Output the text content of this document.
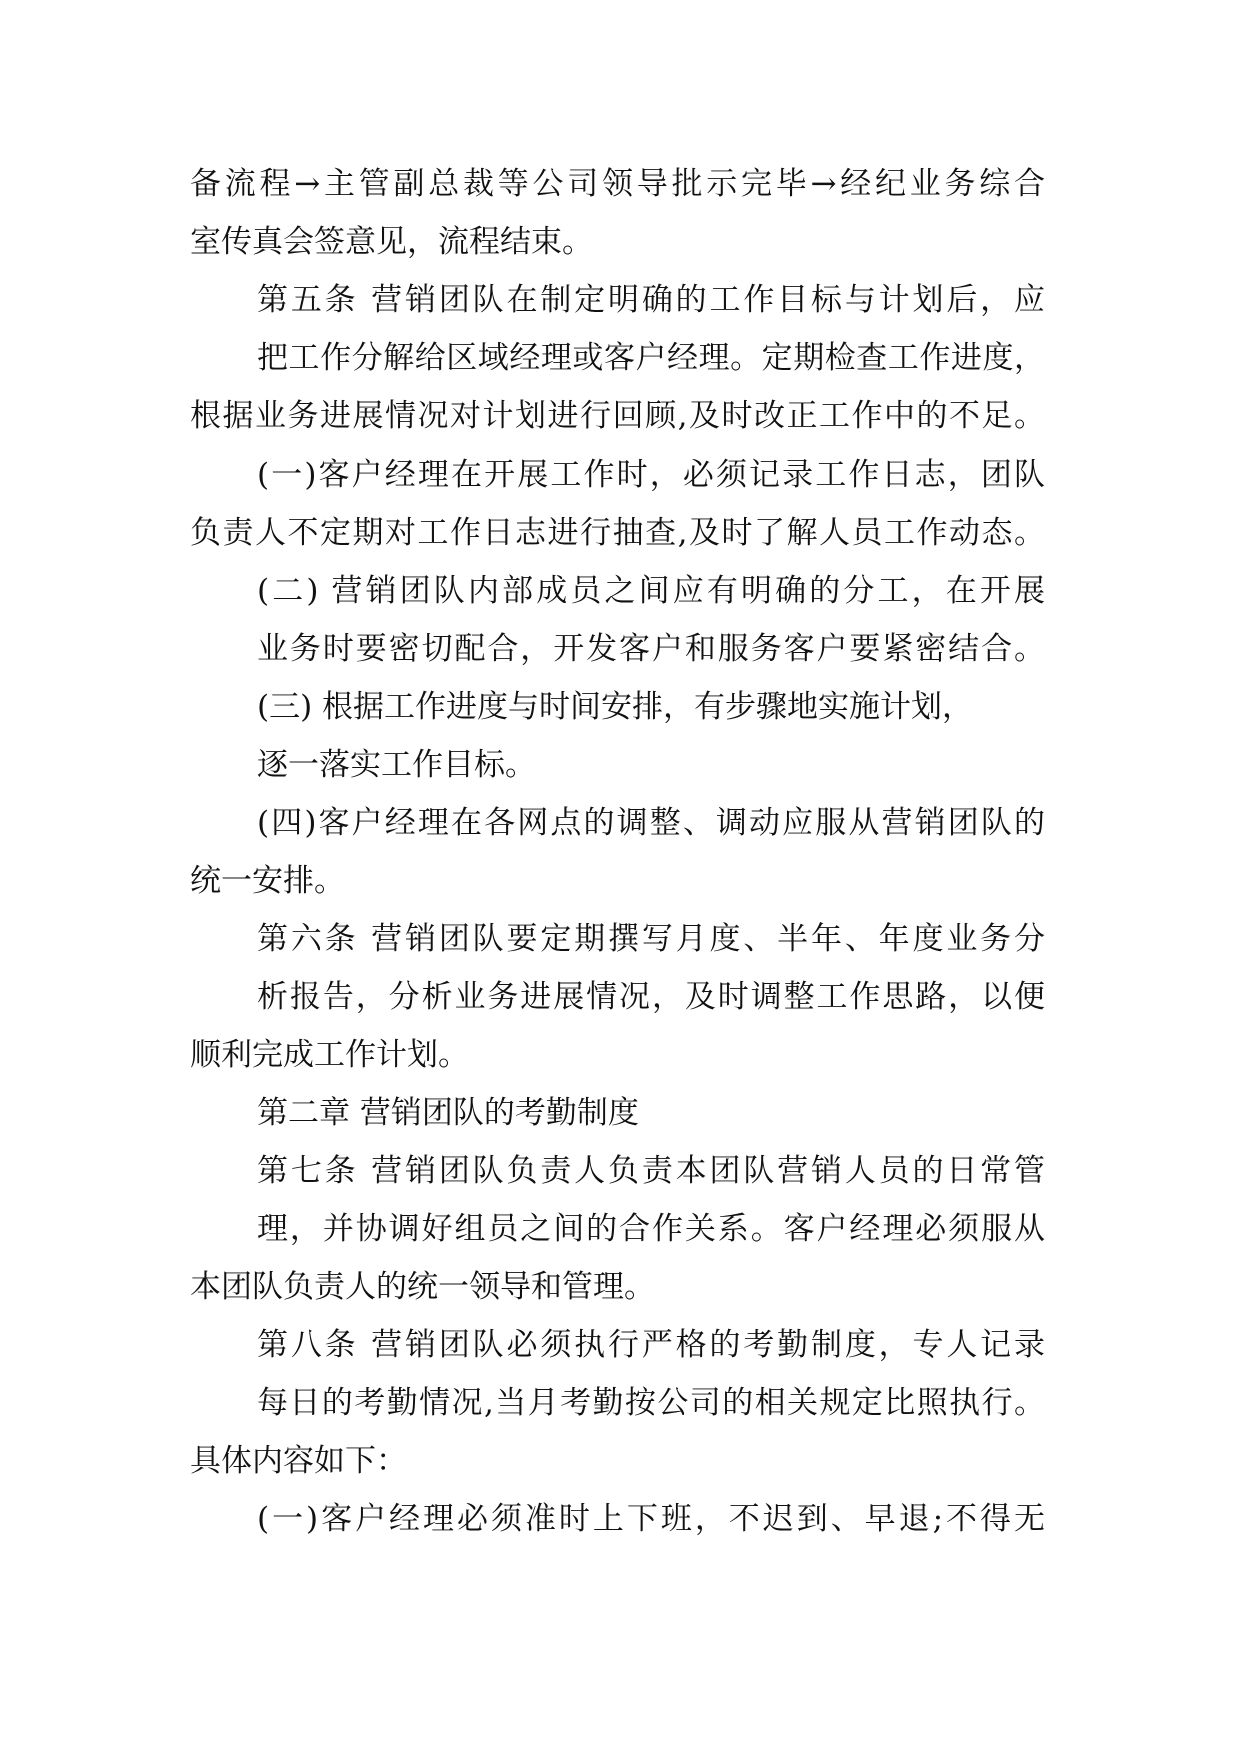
备流程→主管副总裁等公司领导批示完毕→经纪业务综合
室传真会签意见，流程结束。
第五条 营销团队在制定明确的工作目标与计划后，应
把工作分解给区域经理或客户经理。定期检查工作进度，
根据业务进展情况对计划进行回顾,及时改正工作中的不足。
(一)客户经理在开展工作时，必须记录工作日志，团队
负责人不定期对工作日志进行抽查,及时了解人员工作动态。
(二) 营销团队内部成员之间应有明确的分工，在开展
业务时要密切配合，开发客户和服务客户要紧密结合。
(三) 根据工作进度与时间安排，有步骤地实施计划，
逐一落实工作目标。
(四)客户经理在各网点的调整、调动应服从营销团队的
统一安排。
第六条 营销团队要定期撰写月度、半年、年度业务分
析报告，分析业务进展情况，及时调整工作思路，以便
顺利完成工作计划。
第二章 营销团队的考勤制度
第七条 营销团队负责人负责本团队营销人员的日常管
理，并协调好组员之间的合作关系。客户经理必须服从
本团队负责人的统一领导和管理。
第八条 营销团队必须执行严格的考勤制度，专人记录
每日的考勤情况,当月考勤按公司的相关规定比照执行。
具体内容如下：
(一)客户经理必须准时上下班，不迟到、早退;不得无
